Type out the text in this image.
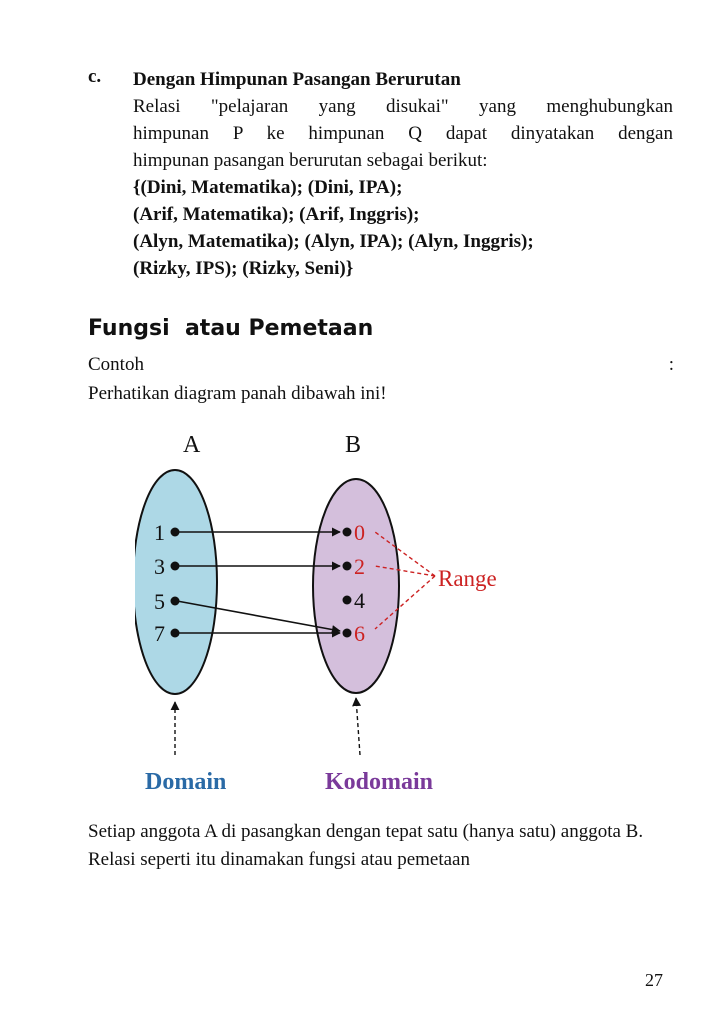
c. Dengan Himpunan Pasangan Berurutan
Relasi "pelajaran yang disukai" yang menghubungkan
himpunan P ke himpunan Q dapat dinyatakan dengan
himpunan pasangan berurutan sebagai berikut:
{(Dini, Matematika); (Dini, IPA);
(Arif, Matematika); (Arif, Inggris);
(Alyn, Matematika); (Alyn, IPA); (Alyn, Inggris);
(Rizky, IPS); (Rizky, Seni)}
Fungsi  atau Pemetaan
Contoh	:
Perhatikan diagram panah dibawah ini!
A	B
1
3
5
7
0
2
4
6
Range
Domain	Kodomain
Setiap anggota A di pasangkan dengan tepat satu (hanya satu) anggota B. Relasi seperti itu dinamakan fungsi atau pemetaan
27
